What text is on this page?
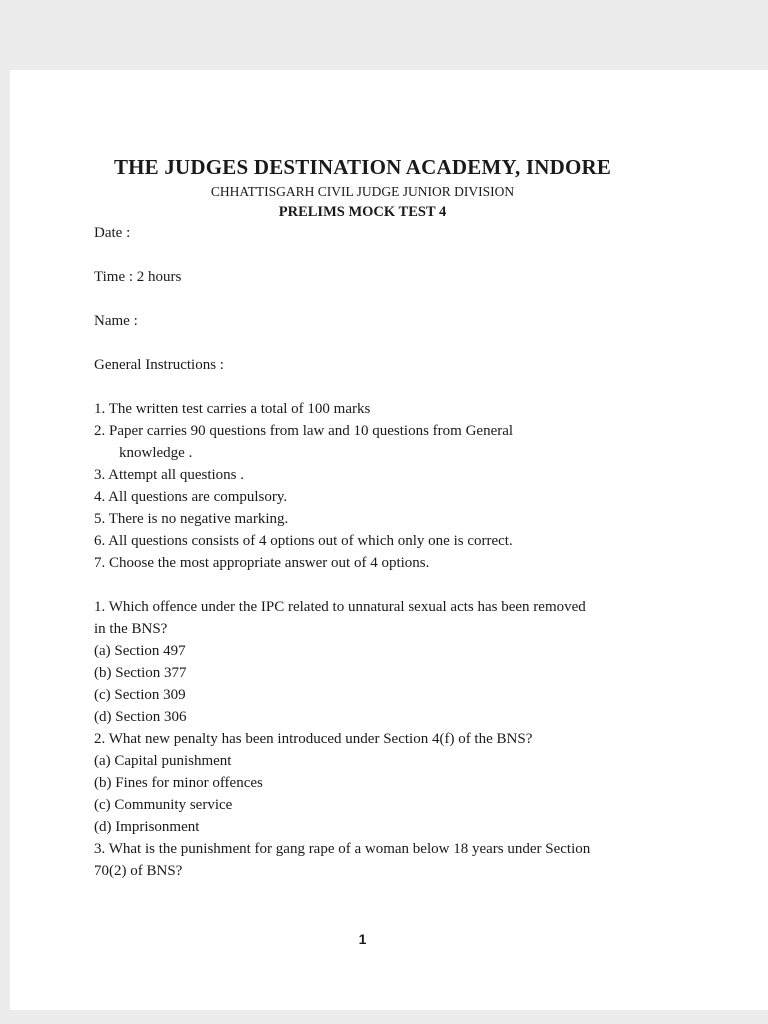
THE JUDGES DESTINATION ACADEMY, INDORE
CHHATTISGARH CIVIL JUDGE JUNIOR DIVISION
PRELIMS MOCK TEST 4
Date :
Time : 2 hours
Name :
General Instructions :
1. The written test carries a total of 100 marks
2. Paper carries 90 questions from law and 10 questions from General
knowledge .
3. Attempt all questions .
4. All questions are compulsory.
5. There is no negative marking.
6. All questions consists of 4 options out of which only one is correct.
7. Choose the most appropriate answer out of 4 options.
1. Which offence under the IPC related to unnatural sexual acts has been removed
in the BNS?
(a) Section 497
(b) Section 377
(c) Section 309
(d) Section 306
2. What new penalty has been introduced under Section 4(f) of the BNS?
(a) Capital punishment
(b) Fines for minor offences
(c) Community service
(d) Imprisonment
3. What is the punishment for gang rape of a woman below 18 years under Section
70(2) of BNS?
1
